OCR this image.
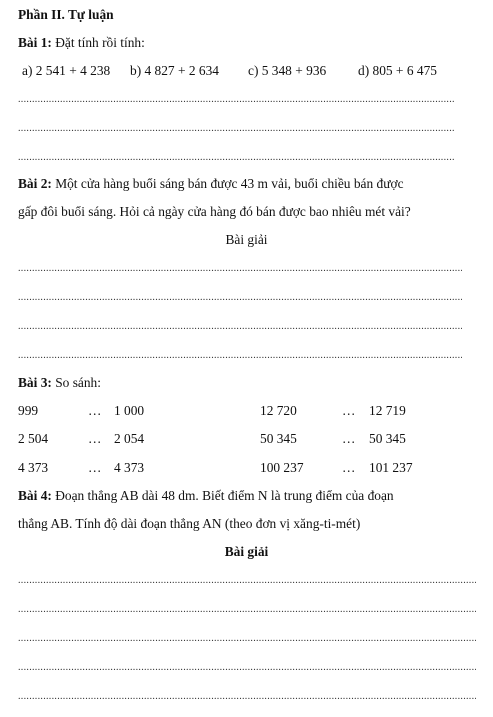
Phần II. Tự luận
Bài 1: Đặt tính rồi tính:
a) 2 541 + 4 238 b) 4 827 + 2 634 c) 5 348 + 936 d) 805 + 6 475
.....
.....
.....
Bài 2: Một cửa hàng buổi sáng bán được 43 m vải, buổi chiều bán được
gấp đôi buổi sáng. Hỏi cả ngày cửa hàng đó bán được bao nhiêu mét vải?
Bài giải
.....
.....
.....
.....
Bài 3: So sánh:
999	… 1 000	12 720	… 12 719
2 504	… 2 054	50 345	… 50 345
4 373	… 4 373	100 237	… 101 237
Bài 4: Đoạn thẳng AB dài 48 dm. Biết điểm N là trung điểm của đoạn
thẳng AB. Tính độ dài đoạn thẳng AN (theo đơn vị xăng-ti-mét)
Bài giải
.....
.....
.....
.....
.....
